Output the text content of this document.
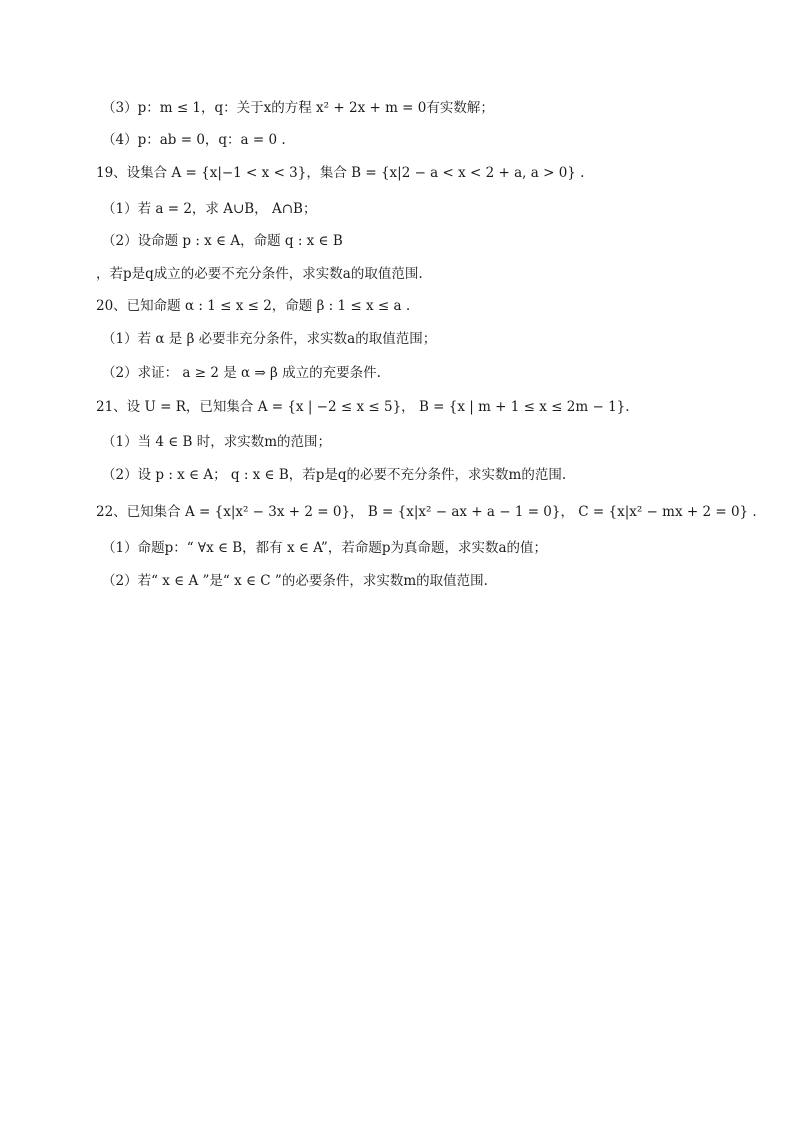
（3）p：m ≤ 1，q：关于x的方程 x² + 2x + m = 0有实数解；
（4）p：ab = 0，q：a = 0 .
19、设集合 A = {x|−1 < x < 3}，集合 B = {x|2 − a < x < 2 + a, a > 0} .
（1）若 a = 2，求 A∪B， A∩B；
（2）设命题 p : x ∈ A，命题 q : x ∈ B
，若p是q成立的必要不充分条件，求实数a的取值范围.
20、已知命题 α : 1 ≤ x ≤ 2，命题 β : 1 ≤ x ≤ a .
（1）若 α 是 β 必要非充分条件，求实数a的取值范围；
（2）求证： a ≥ 2 是 α ⇒ β 成立的充要条件.
21、设 U = R，已知集合 A = {x | −2 ≤ x ≤ 5}， B = {x | m + 1 ≤ x ≤ 2m − 1}.
（1）当 4 ∈ B 时，求实数m的范围；
（2）设 p : x ∈ A； q : x ∈ B，若p是q的必要不充分条件，求实数m的范围.
22、已知集合 A = {x|x² − 3x + 2 = 0}， B = {x|x² − ax + a − 1 = 0}， C = {x|x² − mx + 2 = 0} .
（1）命题p：“ ∀x ∈ B，都有 x ∈ A”，若命题p为真命题，求实数a的值；
（2）若“ x ∈ A ”是“ x ∈ C ”的必要条件，求实数m的取值范围.
